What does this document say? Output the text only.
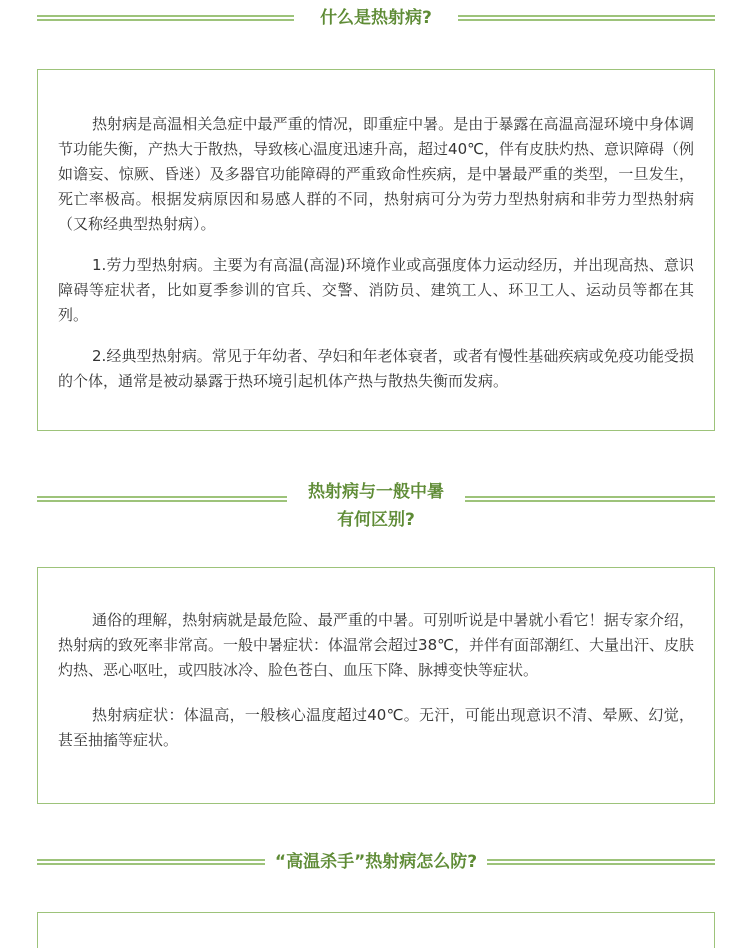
什么是热射病?

热射病是高温相关急症中最严重的情况，即重症中暑。是由于暴露在高温高湿环境中身体调节功能失衡，产热大于散热，导致核心温度迅速升高，超过40℃，伴有皮肤灼热、意识障碍（例如谵妄、惊厥、昏迷）及多器官功能障碍的严重致命性疾病，是中暑最严重的类型，一旦发生，死亡率极高。根据发病原因和易感人群的不同，热射病可分为劳力型热射病和非劳力型热射病（又称经典型热射病）。

1.劳力型热射病。主要为有高温(高湿)环境作业或高强度体力运动经历，并出现高热、意识障碍等症状者，比如夏季参训的官兵、交警、消防员、建筑工人、环卫工人、运动员等都在其列。

2.经典型热射病。常见于年幼者、孕妇和年老体衰者，或者有慢性基础疾病或免疫功能受损的个体，通常是被动暴露于热环境引起机体产热与散热失衡而发病。

热射病与一般中暑
有何区别?

通俗的理解，热射病就是最危险、最严重的中暑。可别听说是中暑就小看它！据专家介绍，热射病的致死率非常高。一般中暑症状：体温常会超过38℃，并伴有面部潮红、大量出汗、皮肤灼热、恶心呕吐，或四肢冰冷、脸色苍白、血压下降、脉搏变快等症状。

热射病症状：体温高，一般核心温度超过40℃。无汗，可能出现意识不清、晕厥、幻觉，甚至抽搐等症状。

“高温杀手”热射病怎么防?
